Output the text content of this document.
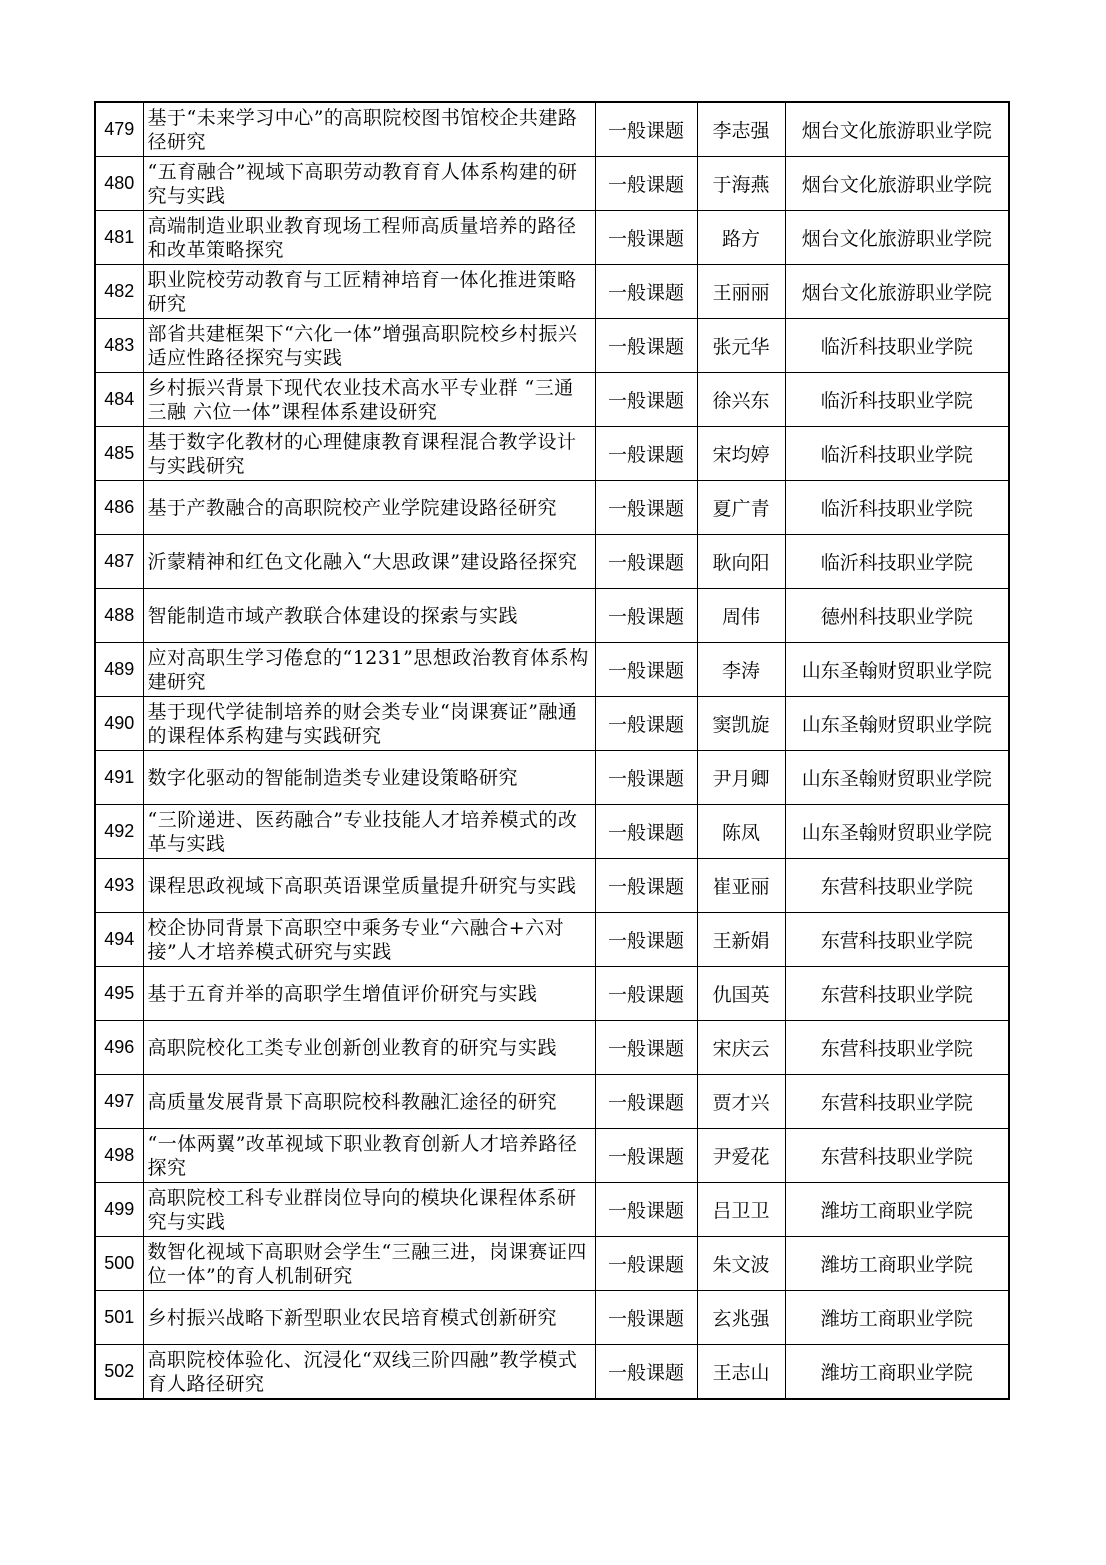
479	基于“未来学习中心”的高职院校图书馆校企共建路径研究	一般课题	李志强	烟台文化旅游职业学院
480	“五育融合”视域下高职劳动教育育人体系构建的研究与实践	一般课题	于海燕	烟台文化旅游职业学院
481	高端制造业职业教育现场工程师高质量培养的路径和改革策略探究	一般课题	路方	烟台文化旅游职业学院
482	职业院校劳动教育与工匠精神培育一体化推进策略研究	一般课题	王丽丽	烟台文化旅游职业学院
483	部省共建框架下“六化一体”增强高职院校乡村振兴适应性路径探究与实践	一般课题	张元华	临沂科技职业学院
484	乡村振兴背景下现代农业技术高水平专业群 “三通三融 六位一体”课程体系建设研究	一般课题	徐兴东	临沂科技职业学院
485	基于数字化教材的心理健康教育课程混合教学设计与实践研究	一般课题	宋均婷	临沂科技职业学院
486	基于产教融合的高职院校产业学院建设路径研究	一般课题	夏广青	临沂科技职业学院
487	沂蒙精神和红色文化融入“大思政课”建设路径探究	一般课题	耿向阳	临沂科技职业学院
488	智能制造市域产教联合体建设的探索与实践	一般课题	周伟	德州科技职业学院
489	应对高职生学习倦怠的“1231”思想政治教育体系构建研究	一般课题	李涛	山东圣翰财贸职业学院
490	基于现代学徒制培养的财会类专业“岗课赛证”融通的课程体系构建与实践研究	一般课题	窦凯旋	山东圣翰财贸职业学院
491	数字化驱动的智能制造类专业建设策略研究	一般课题	尹月卿	山东圣翰财贸职业学院
492	“三阶递进、医药融合”专业技能人才培养模式的改革与实践	一般课题	陈凤	山东圣翰财贸职业学院
493	课程思政视域下高职英语课堂质量提升研究与实践	一般课题	崔亚丽	东营科技职业学院
494	校企协同背景下高职空中乘务专业“六融合+六对接”人才培养模式研究与实践	一般课题	王新娟	东营科技职业学院
495	基于五育并举的高职学生增值评价研究与实践	一般课题	仇国英	东营科技职业学院
496	高职院校化工类专业创新创业教育的研究与实践	一般课题	宋庆云	东营科技职业学院
497	高质量发展背景下高职院校科教融汇途径的研究	一般课题	贾才兴	东营科技职业学院
498	“一体两翼”改革视域下职业教育创新人才培养路径探究	一般课题	尹爱花	东营科技职业学院
499	高职院校工科专业群岗位导向的模块化课程体系研究与实践	一般课题	吕卫卫	潍坊工商职业学院
500	数智化视域下高职财会学生“三融三进，岗课赛证四位一体”的育人机制研究	一般课题	朱文波	潍坊工商职业学院
501	乡村振兴战略下新型职业农民培育模式创新研究	一般课题	玄兆强	潍坊工商职业学院
502	高职院校体验化、沉浸化“双线三阶四融”教学模式育人路径研究	一般课题	王志山	潍坊工商职业学院
